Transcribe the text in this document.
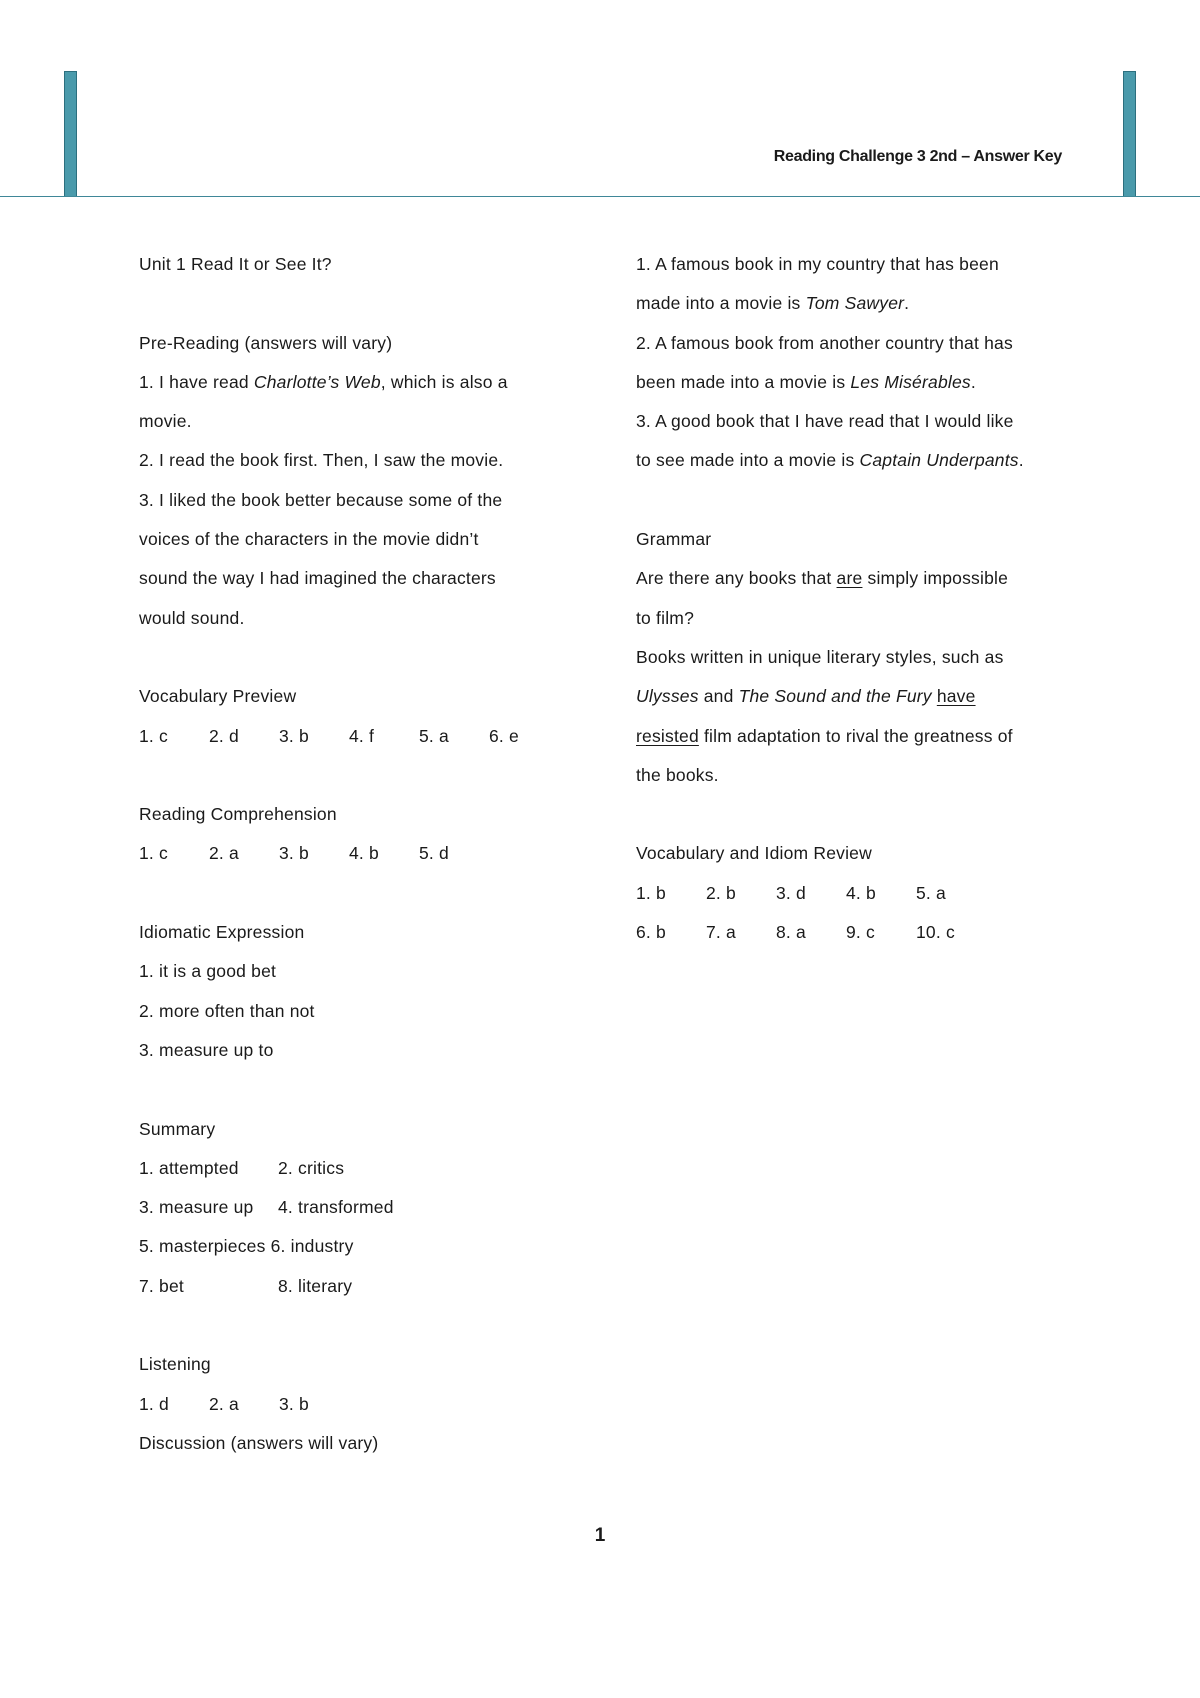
Reading Challenge 3 2nd – Answer Key
Unit 1 Read It or See It?
Pre-Reading (answers will vary)
1. I have read Charlotte’s Web, which is also a
movie.
2. I read the book first. Then, I saw the movie.
3. I liked the book better because some of the
voices of the characters in the movie didn’t
sound the way I had imagined the characters
would sound.
Vocabulary Preview
1. c 2. d 3. b 4. f	5. a 6. e
Reading Comprehension
1. c 2. a 3. b 4. b 5. d
Idiomatic Expression
1. it is a good bet
2. more often than not
3. measure up to
Summary
1. attempted 2. critics
3. measure up 4. transformed
5. masterpieces 6. industry
7. bet	8. literary
Listening
1. d 2. a 3. b
Discussion (answers will vary)
1. A famous book in my country that has been
made into a movie is Tom Sawyer.
2. A famous book from another country that has
been made into a movie is Les Misérables.
3. A good book that I have read that I would like
to see made into a movie is Captain Underpants.
Grammar
Are there any books that are simply impossible
to film?
Books written in unique literary styles, such as
Ulysses and The Sound and the Fury have
resisted film adaptation to rival the greatness of
the books.
Vocabulary and Idiom Review
1. b 2. b 3. d 4. b 5. a
6. b 7. a 8. a 9. c 10. c
1
